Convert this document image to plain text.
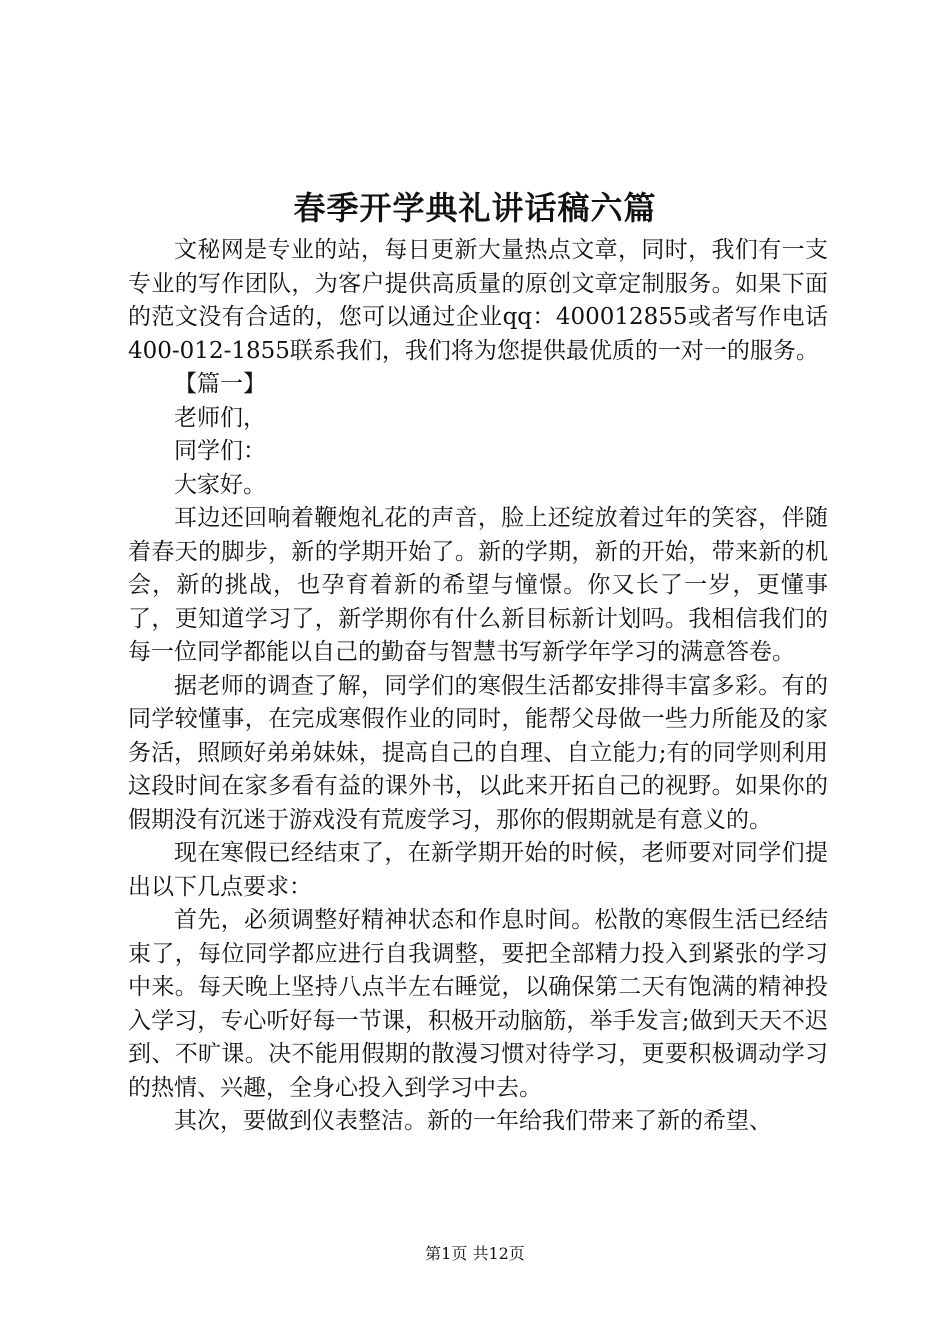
春季开学典礼讲话稿六篇

文秘网是专业的站，每日更新大量热点文章，同时，我们有一支专业的写作团队，为客户提供高质量的原创文章定制服务。如果下面的范文没有合适的，您可以通过企业qq：400012855或者写作电话400-012-1855联系我们，我们将为您提供最优质的一对一的服务。

【篇一】

老师们，

同学们：

大家好。

耳边还回响着鞭炮礼花的声音，脸上还绽放着过年的笑容，伴随着春天的脚步，新的学期开始了。新的学期，新的开始，带来新的机会，新的挑战，也孕育着新的希望与憧憬。你又长了一岁，更懂事了，更知道学习了，新学期你有什么新目标新计划吗。我相信我们的每一位同学都能以自己的勤奋与智慧书写新学年学习的满意答卷。

据老师的调查了解，同学们的寒假生活都安排得丰富多彩。有的同学较懂事，在完成寒假作业的同时，能帮父母做一些力所能及的家务活，照顾好弟弟妹妹，提高自己的自理、自立能力;有的同学则利用这段时间在家多看有益的课外书，以此来开拓自己的视野。如果你的假期没有沉迷于游戏没有荒废学习，那你的假期就是有意义的。

现在寒假已经结束了，在新学期开始的时候，老师要对同学们提出以下几点要求：

首先，必须调整好精神状态和作息时间。松散的寒假生活已经结束了，每位同学都应进行自我调整，要把全部精力投入到紧张的学习中来。每天晚上坚持八点半左右睡觉，以确保第二天有饱满的精神投入学习，专心听好每一节课，积极开动脑筋，举手发言;做到天天不迟到、不旷课。决不能用假期的散漫习惯对待学习，更要积极调动学习的热情、兴趣，全身心投入到学习中去。

其次，要做到仪表整洁。新的一年给我们带来了新的希望、

第1页 共12页
